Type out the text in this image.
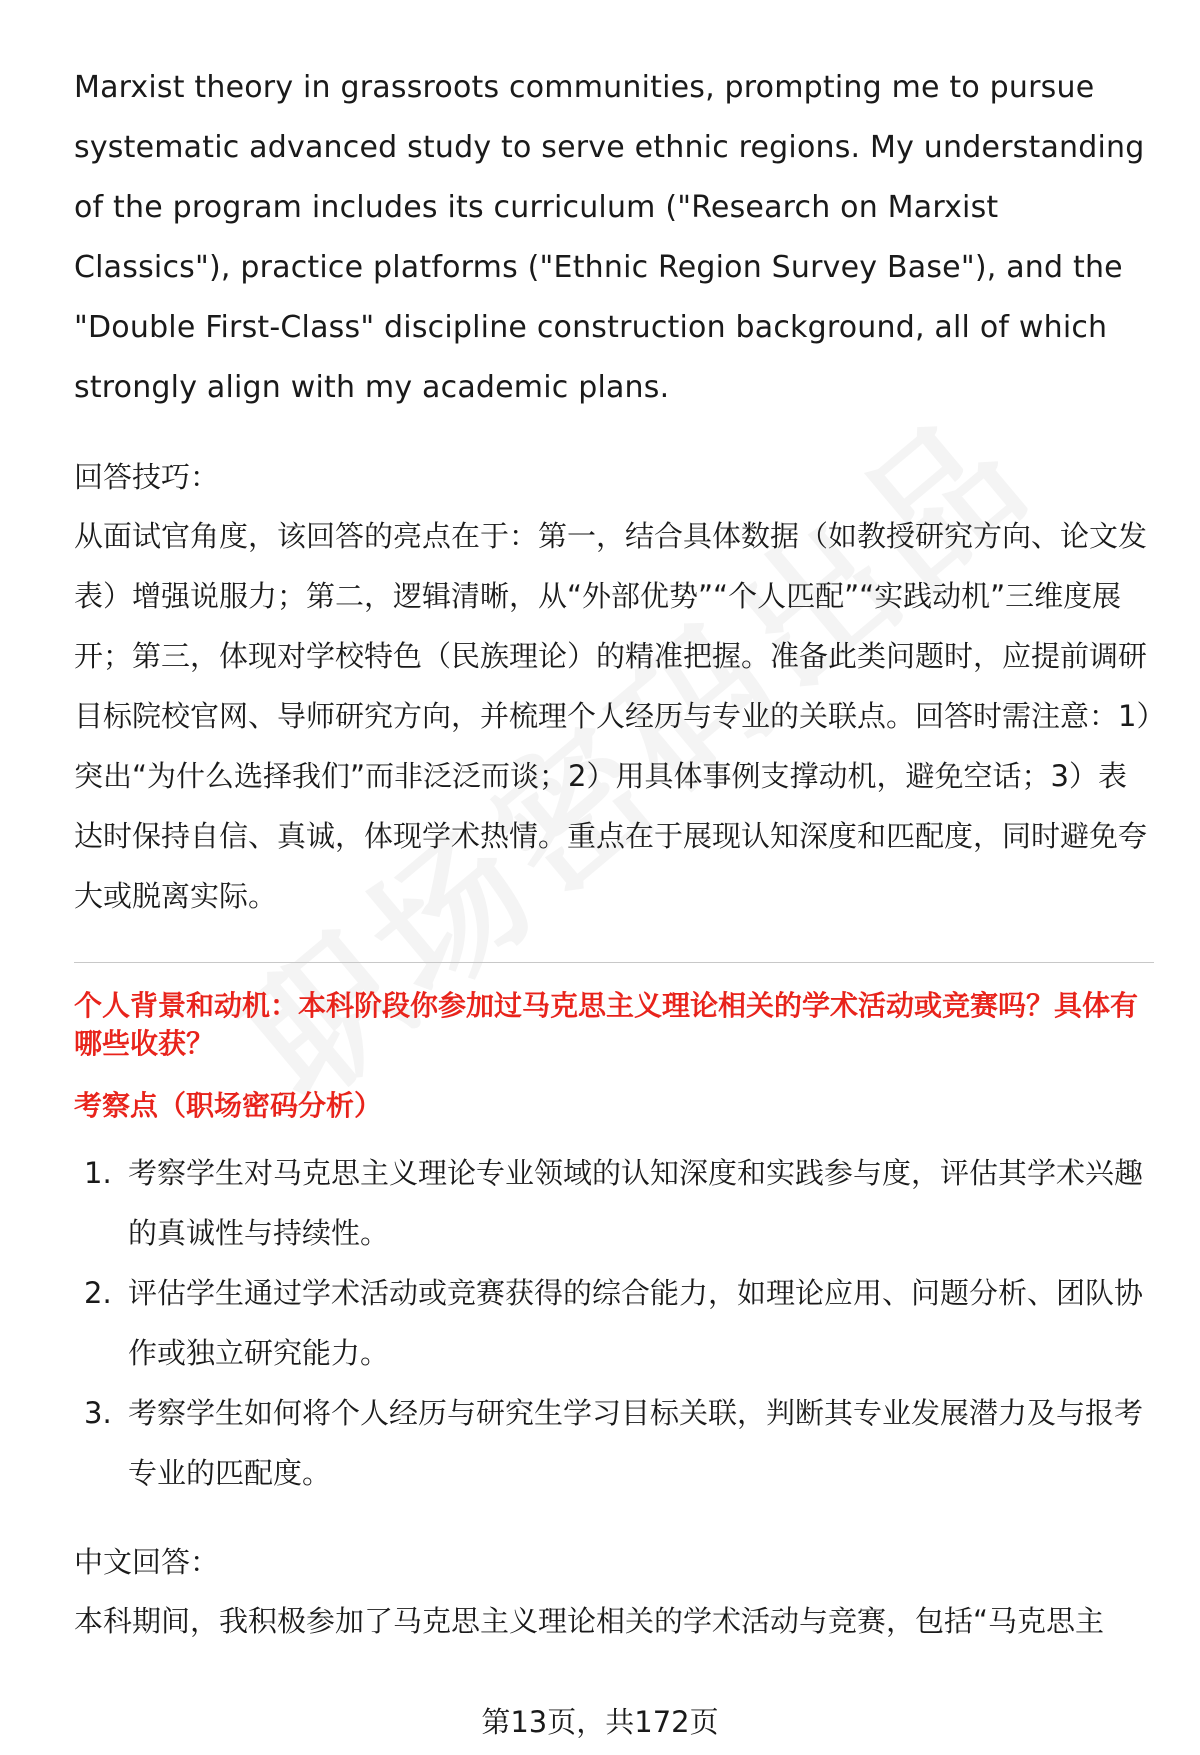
Marxist theory in grassroots communities, prompting me to pursue systematic advanced study to serve ethnic regions. My understanding of the program includes its curriculum ("Research on Marxist Classics"), practice platforms ("Ethnic Region Survey Base"), and the "Double First-Class" discipline construction background, all of which strongly align with my academic plans.

回答技巧：

从面试官角度，该回答的亮点在于：第一，结合具体数据（如教授研究方向、论文发表）增强说服力；第二，逻辑清晰，从“外部优势”“个人匹配”“实践动机”三维度展开；第三，体现对学校特色（民族理论）的精准把握。准备此类问题时，应提前调研目标院校官网、导师研究方向，并梳理个人经历与专业的关联点。回答时需注意：1）突出“为什么选择我们”而非泛泛而谈；2）用具体事例支撑动机，避免空话；3）表达时保持自信、真诚，体现学术热情。重点在于展现认知深度和匹配度，同时避免夸大或脱离实际。

个人背景和动机：本科阶段你参加过马克思主义理论相关的学术活动或竞赛吗？具体有哪些收获？

考察点（职场密码分析）

1. 考察学生对马克思主义理论专业领域的认知深度和实践参与度，评估其学术兴趣的真诚性与持续性。
2. 评估学生通过学术活动或竞赛获得的综合能力，如理论应用、问题分析、团队协作或独立研究能力。
3. 考察学生如何将个人经历与研究生学习目标关联，判断其专业发展潜力及与报考专业的匹配度。

中文回答：

本科期间，我积极参加了马克思主义理论相关的学术活动与竞赛，包括“马克思主

第13页，共172页
